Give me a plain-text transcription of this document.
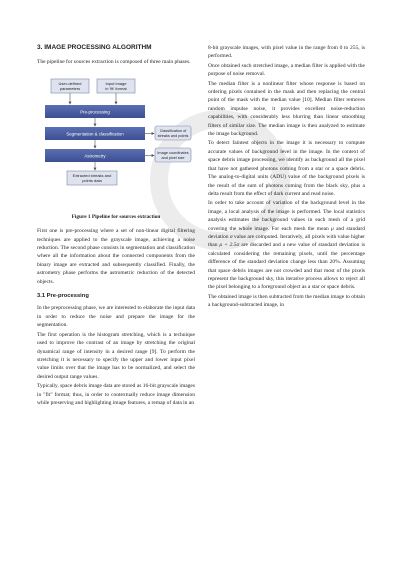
3. IMAGE PROCESSING ALGORITHM

The pipeline for sources extraction is composed of three main phases.

User-defined
parameters
Input image
in 'fit' format
Pre-processing
Segmentation & classification
Astrometry
Extracted streaks and
points data
Classification of
streaks and points
Image coordinates
and pixel size
Figure 1 Pipeline for sources extraction

First one is pre-processing where a set of non-linear digital filtering techniques are applied to the grayscale image, achieving a noise reduction. The second phase consists in segmentation and classification where all the information about the connected components from the binary image are extracted and subsequently classified. Finally, the astrometry phase performs the astrometric reduction of the detected objects.

3.1 Pre-processing

In the preprocessing phase, we are interested to elaborate the input data in order to reduce the noise and prepare the image for the segmentation.

The first operation is the histogram stretching, which is a technique used to improve the contrast of an image by stretching the original dynamical range of intensity in a desired range [9]. To perform the stretching it is necessary to specify the upper and lower input pixel value limits over that the image has to be normalized, and select the desired output range values.

Typically, space debris image data are stored as 16-bit grayscale images in "fit" format; thus, in order to contextually reduce image dimension while preserving and highlighting image features, a remap of data in an

8-bit grayscale images, with pixel value in the range from 0 to 255, is performed.

Once obtained such stretched image, a median filter is applied with the purpose of noise removal.

The median filter is a nonlinear filter whose response is based on ordering pixels contained in the mask and then replacing the central point of the mask with the median value [10]. Median filter removes random impulse noise, it provides excellent noise-reduction capabilities, with considerably less blurring than linear smoothing filters of similar size. The median image is then analyzed to estimate the image background.

To detect faintest objects in the image it is necessary to compute accurate values of background level in the image. In the context of space debris image processing, we identify as background all the pixel that have not gathered photons coming from a star or a space debris. The analog-to-digital units (ADU) value of the background pixels is the result of the sum of photons coming from the black sky, plus a delta result from the effect of dark current and read noise.

In order to take account of variation of the background level in the image, a local analysis of the image is performed. The local statistics analysis estimates the background values in each mesh of a grid covering the whole image. For each mesh the mean μ and standard deviation σ value are computed. Iteratively, all pixels with value higher than μ + 2.5σ are discarded and a new value of standard deviation is calculated considering the remaining pixels, until the percentage difference of the standard deviation change less than 20%. Assuming that space debris images are not crowded and that most of the pixels represent the background sky, this iterative process allows to reject all the pixel belonging to a foreground object as a star or space debris.

The obtained image is then subtracted from the median image to obtain a background-subtracted image, in
